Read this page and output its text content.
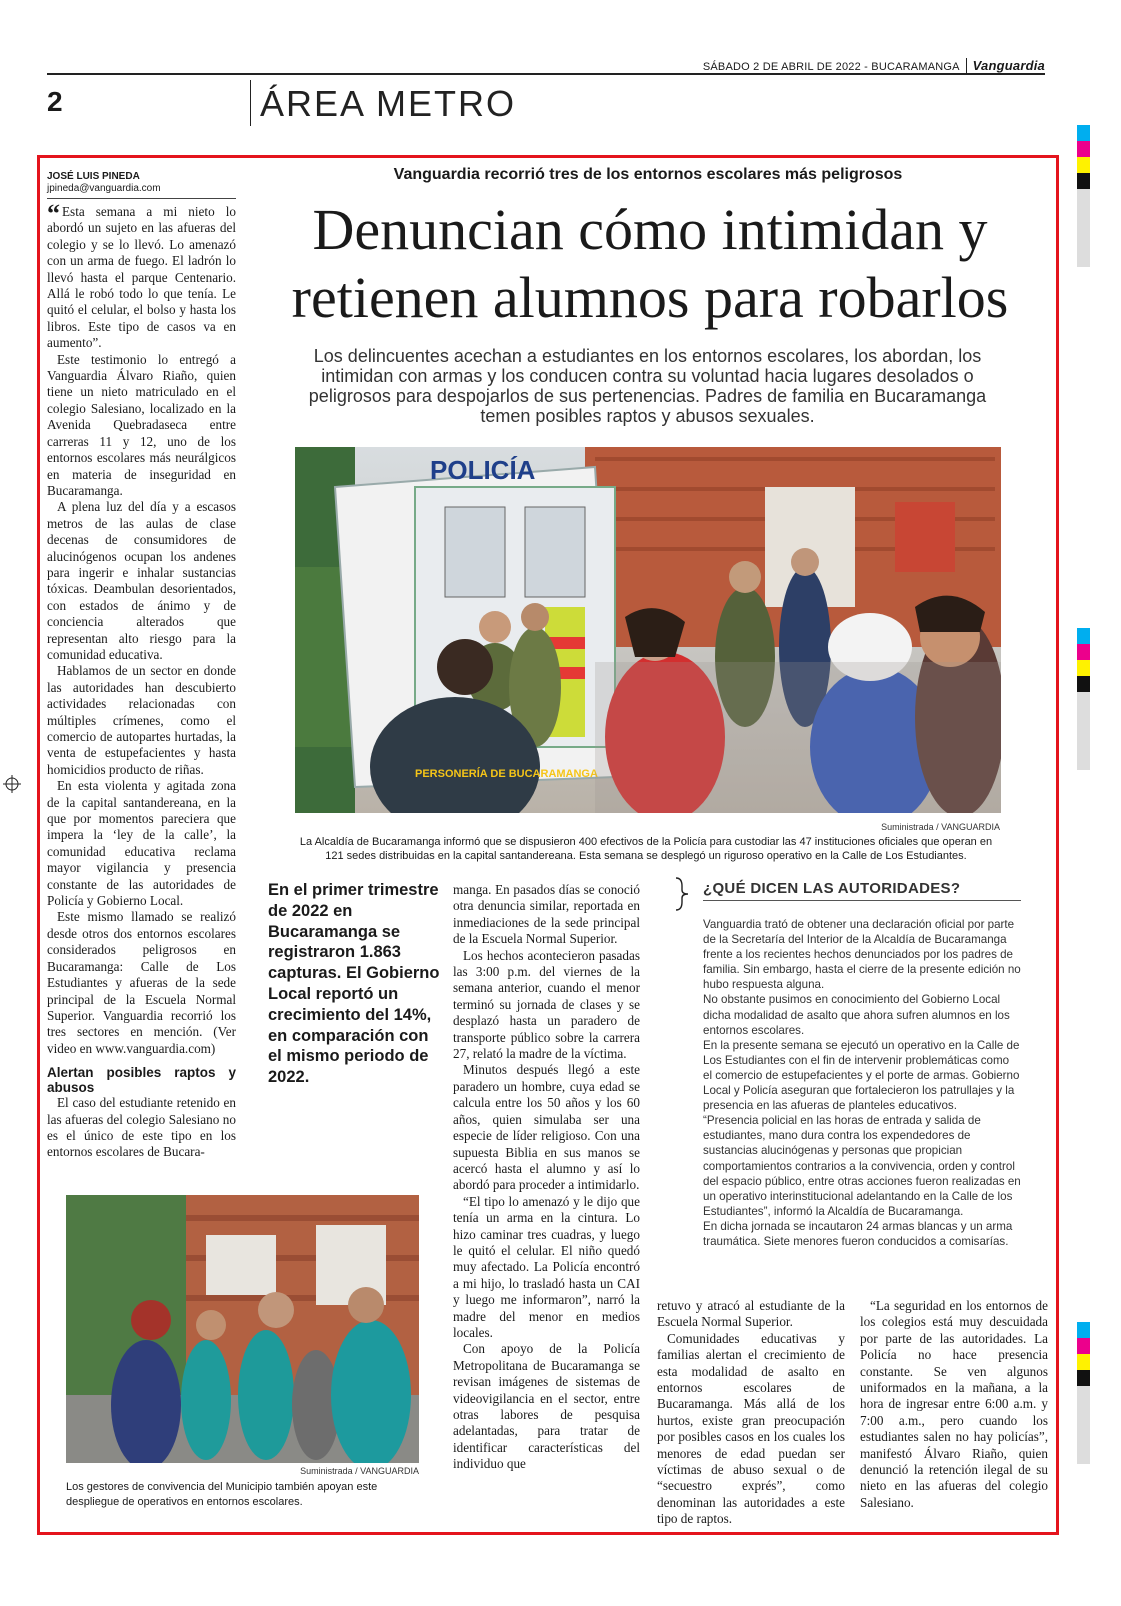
SÁBADO 2 DE ABRIL DE 2022 - BUCARAMANGA Vanguardia
2	ÁREA METRO
JOSÉ LUIS PINEDA
jpineda@vanguardia.com
Vanguardia recorrió tres de los entornos escolares más peligrosos
Denuncian cómo intimidan y
retienen alumnos para robarlos
Los delincuentes acechan a estudiantes en los entornos escolares, los abordan, los intimidan con armas y los conducen contra su voluntad hacia lugares desolados o peligrosos para despojarlos de sus pertenencias. Padres de familia en Bucaramanga temen posibles raptos y abusos sexuales.

“ Esta semana a mi nieto lo abordó un sujeto en las afueras del colegio y se lo llevó. Lo amenazó con un arma de fuego. El ladrón lo llevó hasta el parque Centenario. Allá le robó todo lo que tenía. Le quitó el celular, el bolso y hasta los libros. Este tipo de casos va en aumento”.

Este testimonio lo entregó a Vanguardia Álvaro Riaño, quien tiene un nieto matriculado en el colegio Salesiano, localizado en la Avenida Quebradaseca entre carreras 11 y 12, uno de los entornos escolares más neurálgicos en materia de inseguridad en Bucaramanga.

A plena luz del día y a escasos metros de las aulas de clase decenas de consumidores de alucinógenos ocupan los andenes para ingerir e inhalar sustancias tóxicas. Deambulan desorientados, con estados de ánimo y de conciencia alterados que representan alto riesgo para la comunidad educativa.

Hablamos de un sector en donde las autoridades han descubierto actividades relacionadas con múltiples crímenes, como el comercio de autopartes hurtadas, la venta de estupefacientes y hasta homicidios producto de riñas.

En esta violenta y agitada zona de la capital santandereana, en la que por momentos pareciera que impera la ‘ley de la calle’, la comunidad educativa reclama mayor vigilancia y presencia constante de las autoridades de Policía y Gobierno Local.

Este mismo llamado se realizó desde otros dos entornos escolares considerados peligrosos en Bucaramanga: Calle de Los Estudiantes y afueras de la sede principal de la Escuela Normal Superior. Vanguardia recorrió los tres sectores en mención. (Ver video en www.vanguardia.com)

Alertan posibles raptos y abusos

El caso del estudiante retenido en las afueras del colegio Salesiano no es el único de este tipo en los entornos escolares de Bucara-

POLICÍA
PERSONERÍA DE BUCARAMANGA
Suministrada / VANGUARDIA
La Alcaldía de Bucaramanga informó que se dispusieron 400 efectivos de la Policía para custodiar las 47 instituciones oficiales que operan en 121 sedes distribuidas en la capital santandereana. Esta semana se desplegó un riguroso operativo en la Calle de Los Estudiantes.
En el primer trimestre de 2022 en Bucaramanga se registraron 1.863 capturas. El Gobierno Local reportó un crecimiento del 14%, en comparación con el mismo periodo de 2022.

manga. En pasados días se conoció otra denuncia similar, reportada en inmediaciones de la sede principal de la Escuela Normal Superior.

Los hechos acontecieron pasadas las 3:00 p.m. del viernes de la semana anterior, cuando el menor terminó su jornada de clases y se desplazó hasta un paradero de transporte público sobre la carrera 27, relató la madre de la víctima.

Minutos después llegó a este paradero un hombre, cuya edad se calcula entre los 50 años y los 60 años, quien simulaba ser una especie de líder religioso. Con una supuesta Biblia en sus manos se acercó hasta el alumno y así lo abordó para proceder a intimidarlo.

“El tipo lo amenazó y le dijo que tenía un arma en la cintura. Lo hizo caminar tres cuadras, y luego le quitó el celular. El niño quedó muy afectado. La Policía encontró a mi hijo, lo trasladó hasta un CAI y luego me informaron”, narró la madre del menor en medios locales.

Con apoyo de la Policía Metropolitana de Bucaramanga se revisan imágenes de sistemas de videovigilancia en el sector, entre otras labores de pesquisa adelantadas, para tratar de identificar características del individuo que

¿QUÉ DICEN LAS AUTORIDADES?

Vanguardia trató de obtener una declaración oficial por parte de la Secretaría del Interior de la Alcaldía de Bucaramanga frente a los recientes hechos denunciados por los padres de familia. Sin embargo, hasta el cierre de la presente edición no hubo respuesta alguna.

No obstante pusimos en conocimiento del Gobierno Local dicha modalidad de asalto que ahora sufren alumnos en los entornos escolares.

En la presente semana se ejecutó un operativo en la Calle de Los Estudiantes con el fin de intervenir problemáticas como el comercio de estupefacientes y el porte de armas. Gobierno Local y Policía aseguran que fortalecieron los patrullajes y la presencia en las afueras de planteles educativos.

“Presencia policial en las horas de entrada y salida de estudiantes, mano dura contra los expendedores de sustancias alucinógenas y personas que propician comportamientos contrarios a la convivencia, orden y control del espacio público, entre otras acciones fueron realizadas en un operativo interinstitucional adelantando en la Calle de los Estudiantes”, informó la Alcaldía de Bucaramanga.

En dicha jornada se incautaron 24 armas blancas y un arma traumática. Siete menores fueron conducidos a comisarías.

retuvo y atracó al estudiante de la Escuela Normal Superior.

Comunidades educativas y familias alertan el crecimiento de esta modalidad de asalto en entornos escolares de Bucaramanga. Más allá de los hurtos, existe gran preocupación por posibles casos en los cuales los menores de edad puedan ser víctimas de abuso sexual o de “secuestro exprés”, como denominan las autoridades a este tipo de raptos.

“La seguridad en los entornos de los colegios está muy descuidada por parte de las autoridades. La Policía no hace presencia constante. Se ven algunos uniformados en la mañana, a la hora de ingresar entre 6:00 a.m. y 7:00 a.m., pero cuando los estudiantes salen no hay policías”, manifestó Álvaro Riaño, quien denunció la retención ilegal de su nieto en las afueras del colegio Salesiano.

Suministrada / VANGUARDIA
Los gestores de convivencia del Municipio también apoyan este despliegue de operativos en entornos escolares.
